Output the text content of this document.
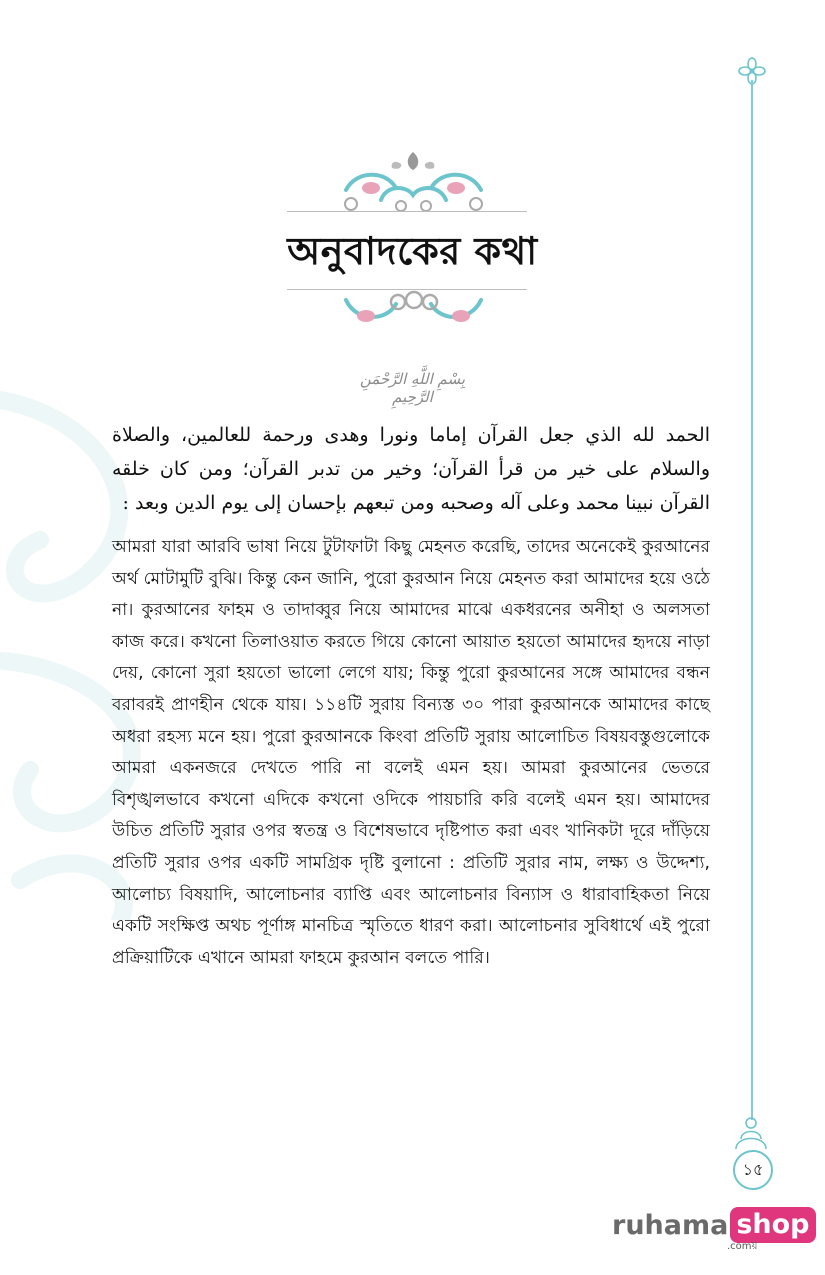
১৫
অনুবাদকের কথা
بِسْمِ اللَّهِ الرَّحْمَنِ الرَّحِيمِ

الحمد لله الذي جعل القرآن إماما ونورا وهدى ورحمة للعالمين، والصلاة والسلام على خير من قرأ القرآن؛ وخير من تدبر القرآن؛ ومن كان خلقه القرآن نبينا محمد وعلى آله وصحبه ومن تبعهم بإحسان إلى يوم الدين وبعد :

আমরা যারা আরবি ভাষা নিয়ে টুটাফাটা কিছু মেহনত করেছি, তাদের অনেকেই কুরআনের অর্থ মোটামুটি বুঝি। কিন্তু কেন জানি, পুরো কুরআন নিয়ে মেহনত করা আমাদের হয়ে ওঠে না। কুরআনের ফাহম ও তাদাব্বুর নিয়ে আমাদের মাঝে একধরনের অনীহা ও অলসতা কাজ করে। কখনো তিলাওয়াত করতে গিয়ে কোনো আয়াত হয়তো আমাদের হৃদয়ে নাড়া দেয়, কোনো সুরা হয়তো ভালো লেগে যায়; কিন্তু পুরো কুরআনের সঙ্গে আমাদের বন্ধন বরাবরই প্রাণহীন থেকে যায়। ১১৪টি সুরায় বিন্যস্ত ৩০ পারা কুরআনকে আমাদের কাছে অধরা রহস্য মনে হয়। পুরো কুরআনকে কিংবা প্রতিটি সুরায় আলোচিত বিষয়বস্তুগুলোকে আমরা একনজরে দেখতে পারি না বলেই এমন হয়। আমরা কুরআনের ভেতরে বিশৃঙ্খলভাবে কখনো এদিকে কখনো ওদিকে পায়চারি করি বলেই এমন হয়। আমাদের উচিত প্রতিটি সুরার ওপর স্বতন্ত্র ও বিশেষভাবে দৃষ্টিপাত করা এবং খানিকটা দূরে দাঁড়িয়ে প্রতিটি সুরার ওপর একটি সামগ্রিক দৃষ্টি বুলানো : প্রতিটি সুরার নাম, লক্ষ্য ও উদ্দেশ্য, আলোচ্য বিষয়াদি, আলোচনার ব্যাপ্তি এবং আলোচনার বিন্যাস ও ধারাবাহিকতা নিয়ে একটি সংক্ষিপ্ত অথচ পূর্ণাঙ্গ মানচিত্র স্মৃতিতে ধারণ করা। আলোচনার সুবিধার্থে এই পুরো প্রক্রিয়াটিকে এখানে আমরা ফাহমে কুরআন বলতে পারি।

ruhama shop
.comয়
